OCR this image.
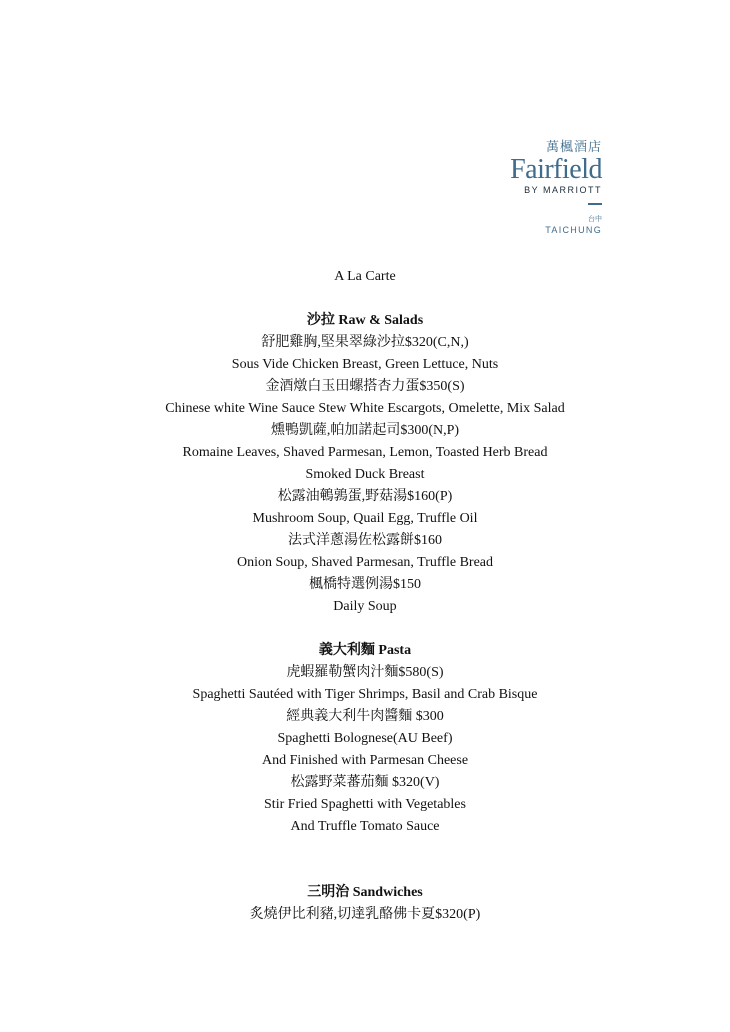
萬楓酒店
Fairfield
BY MARRIOTT
台中
TAICHUNG
A La Carte
沙拉 Raw & Salads
舒肥雞胸,堅果翠綠沙拉$320(C,N,)
Sous Vide Chicken Breast, Green Lettuce, Nuts
金酒燉白玉田螺搭杏力蛋$350(S)
Chinese white Wine Sauce Stew White Escargots, Omelette, Mix Salad
燻鴨凱薩,帕加諾起司$300(N,P)
Romaine Leaves, Shaved Parmesan, Lemon, Toasted Herb Bread
Smoked Duck Breast
松露油鵪鶉蛋,野菇湯$160(P)
Mushroom Soup, Quail Egg, Truffle Oil
法式洋蔥湯佐松露餅$160
Onion Soup, Shaved Parmesan, Truffle Bread
楓橋特選例湯$150
Daily Soup
義大利麵 Pasta
虎蝦羅勒蟹肉汁麵$580(S)
Spaghetti Sautéed with Tiger Shrimps, Basil and Crab Bisque
經典義大利牛肉醬麵 $300
Spaghetti Bolognese(AU Beef)
And Finished with Parmesan Cheese
松露野菜蕃茄麵 $320(V)
Stir Fried Spaghetti with Vegetables
And Truffle Tomato Sauce
三明治 Sandwiches
炙燒伊比利豬,切達乳酪佛卡夏$320(P)
